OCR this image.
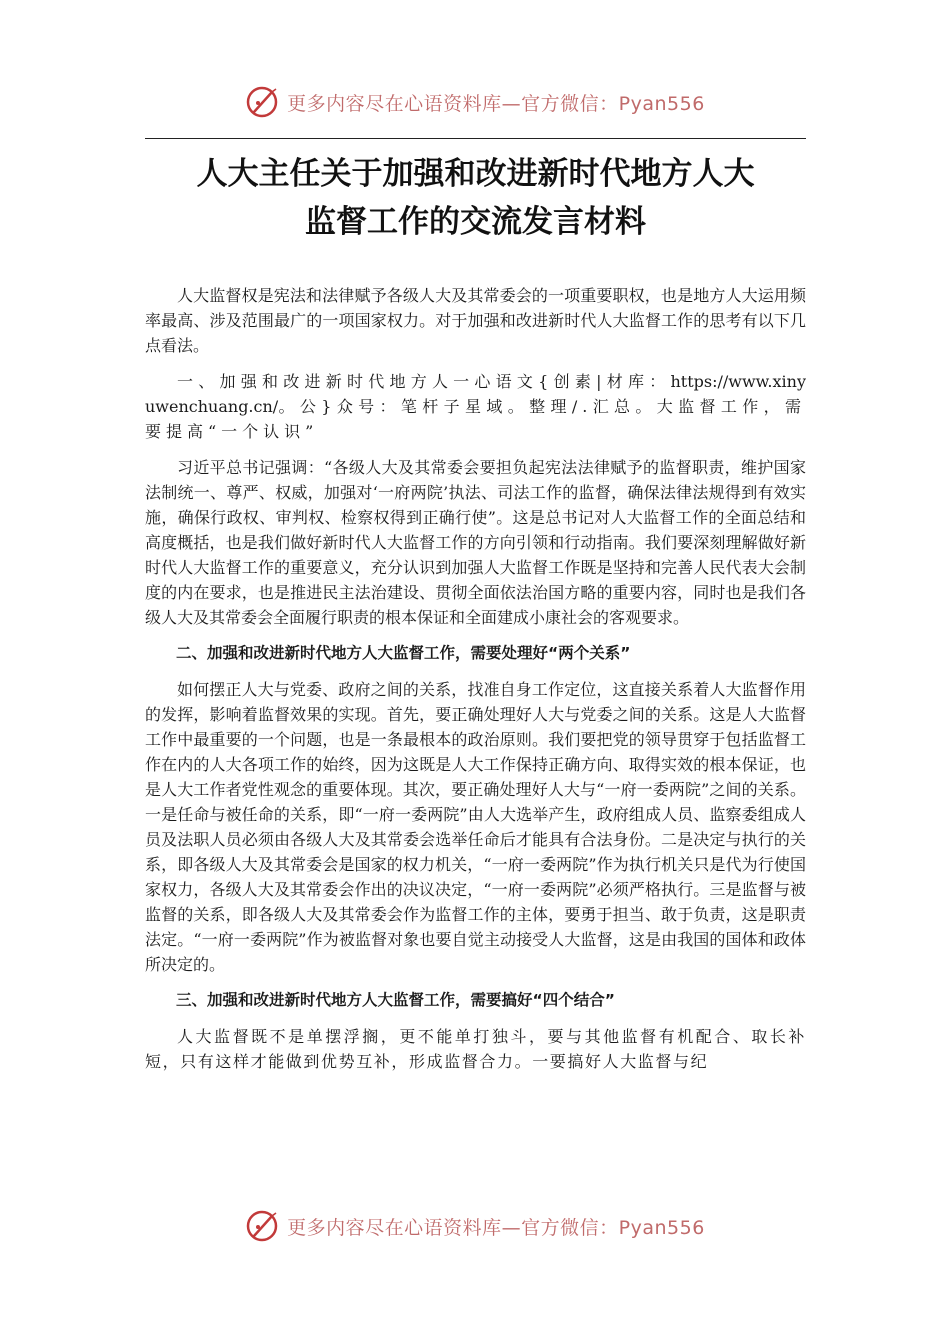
更多内容尽在心语资料库—官方微信：Pyan556
人大主任关于加强和改进新时代地方人大
监督工作的交流发言材料

人大监督权是宪法和法律赋予各级人大及其常委会的一项重要职权，也是地方人大运用频率最高、涉及范围最广的一项国家权力。对于加强和改进新时代人大监督工作的思考有以下几点看法。

一、加强和改进新时代地方人一心语文{创素|材库：https://www.xinyuwenchuang.cn/。公}众号：笔杆子星域。整理/.汇总。大监督工作，需要提高“一个认识”

习近平总书记强调：“各级人大及其常委会要担负起宪法法律赋予的监督职责，维护国家法制统一、尊严、权威，加强对‘一府两院’执法、司法工作的监督，确保法律法规得到有效实施，确保行政权、审判权、检察权得到正确行使”。这是总书记对人大监督工作的全面总结和高度概括，也是我们做好新时代人大监督工作的方向引领和行动指南。我们要深刻理解做好新时代人大监督工作的重要意义，充分认识到加强人大监督工作既是坚持和完善人民代表大会制度的内在要求，也是推进民主法治建设、贯彻全面依法治国方略的重要内容，同时也是我们各级人大及其常委会全面履行职责的根本保证和全面建成小康社会的客观要求。

二、加强和改进新时代地方人大监督工作，需要处理好“两个关系”

如何摆正人大与党委、政府之间的关系，找准自身工作定位，这直接关系着人大监督作用的发挥，影响着监督效果的实现。首先，要正确处理好人大与党委之间的关系。这是人大监督工作中最重要的一个问题，也是一条最根本的政治原则。我们要把党的领导贯穿于包括监督工作在内的人大各项工作的始终，因为这既是人大工作保持正确方向、取得实效的根本保证，也是人大工作者党性观念的重要体现。其次，要正确处理好人大与“一府一委两院”之间的关系。一是任命与被任命的关系，即“一府一委两院”由人大选举产生，政府组成人员、监察委组成人员及法职人员必须由各级人大及其常委会选举任命后才能具有合法身份。二是决定与执行的关系，即各级人大及其常委会是国家的权力机关，“一府一委两院”作为执行机关只是代为行使国家权力，各级人大及其常委会作出的决议决定，“一府一委两院”必须严格执行。三是监督与被监督的关系，即各级人大及其常委会作为监督工作的主体，要勇于担当、敢于负责，这是职责法定。“一府一委两院”作为被监督对象也要自觉主动接受人大监督，这是由我国的国体和政体所决定的。

三、加强和改进新时代地方人大监督工作，需要搞好“四个结合”

人大监督既不是单摆浮搁，更不能单打独斗，要与其他监督有机配合、取长补短，只有这样才能做到优势互补，形成监督合力。一要搞好人大监督与纪

更多内容尽在心语资料库—官方微信：Pyan556
